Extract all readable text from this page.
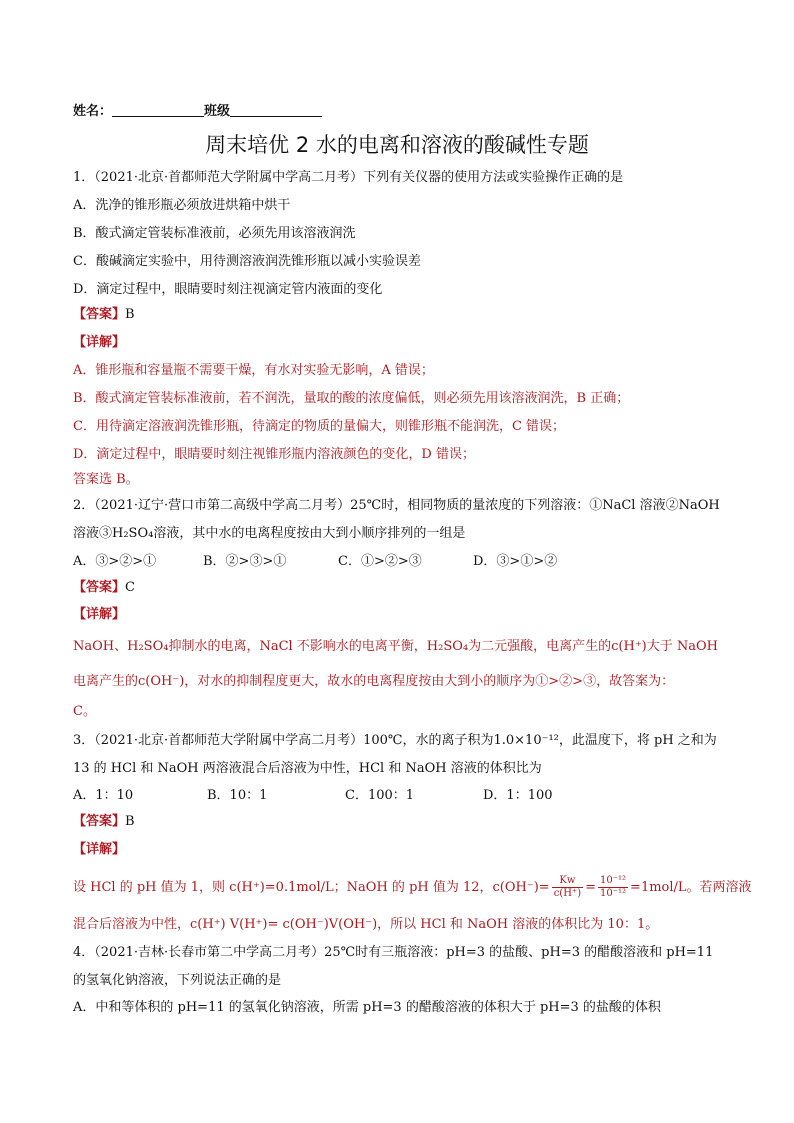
姓名：	班级
周末培优 2 水的电离和溶液的酸碱性专题
1．（2021·北京·首都师范大学附属中学高二月考）下列有关仪器的使用方法或实验操作正确的是
A．洗净的锥形瓶必须放进烘箱中烘干
B．酸式滴定管装标准液前，必须先用该溶液润洗
C．酸碱滴定实验中，用待测溶液润洗锥形瓶以减小实验误差
D．滴定过程中，眼睛要时刻注视滴定管内液面的变化
【答案】B
【详解】
A．锥形瓶和容量瓶不需要干燥，有水对实验无影响，A 错误；
B．酸式滴定管装标准液前，若不润洗，量取的酸的浓度偏低，则必须先用该溶液润洗，B 正确；
C．用待滴定溶液润洗锥形瓶，待滴定的物质的量偏大，则锥形瓶不能润洗，C 错误；
D．滴定过程中，眼睛要时刻注视锥形瓶内溶液颜色的变化，D 错误；
答案选 B。
2．（2021·辽宁·营口市第二高级中学高二月考）25℃时，相同物质的量浓度的下列溶液：①NaCl 溶液②NaOH
溶液③H₂SO₄溶液，其中水的电离程度按由大到小顺序排列的一组是
A．③>②>①	B．②>③>①	C．①>②>③	D．③>①>②
【答案】C
【详解】
NaOH、H₂SO₄抑制水的电离，NaCl 不影响水的电离平衡，H₂SO₄为二元强酸，电离产生的c(H⁺)大于 NaOH
电离产生的c(OH⁻)，对水的抑制程度更大，故水的电离程度按由大到小的顺序为①>②>③，故答案为：
C。
3．（2021·北京·首都师范大学附属中学高二月考）100℃，水的离子积为1.0×10⁻¹²，此温度下，将 pH 之和为
13 的 HCl 和 NaOH 两溶液混合后溶液为中性，HCl 和 NaOH 溶液的体积比为
A．1：10	B．10：1	C．100：1	D．1：100
【答案】B
【详解】
设 HCl 的 pH 值为 1，则 c(H⁺)=0.1mol/L；NaOH 的 pH 值为 12，$c(OH^-)= \frac{Kw}{c(H^+)} = \frac{\text{10⁻¹²}}{\text{10⁻¹²}} =1mol/L$。若两溶液
混合后溶液为中性，c(H⁺) V(H⁺)= c(OH⁻)V(OH⁻)，所以 HCl 和 NaOH 溶液的体积比为 10：1。
4．（2021·吉林·长春市第二中学高二月考）25℃时有三瓶溶液：pH=3 的盐酸、pH=3 的醋酸溶液和 pH=11
的氢氧化钠溶液，下列说法正确的是
A．中和等体积的 pH=11 的氢氧化钠溶液，所需 pH=3 的醋酸溶液的体积大于 pH=3 的盐酸的体积
